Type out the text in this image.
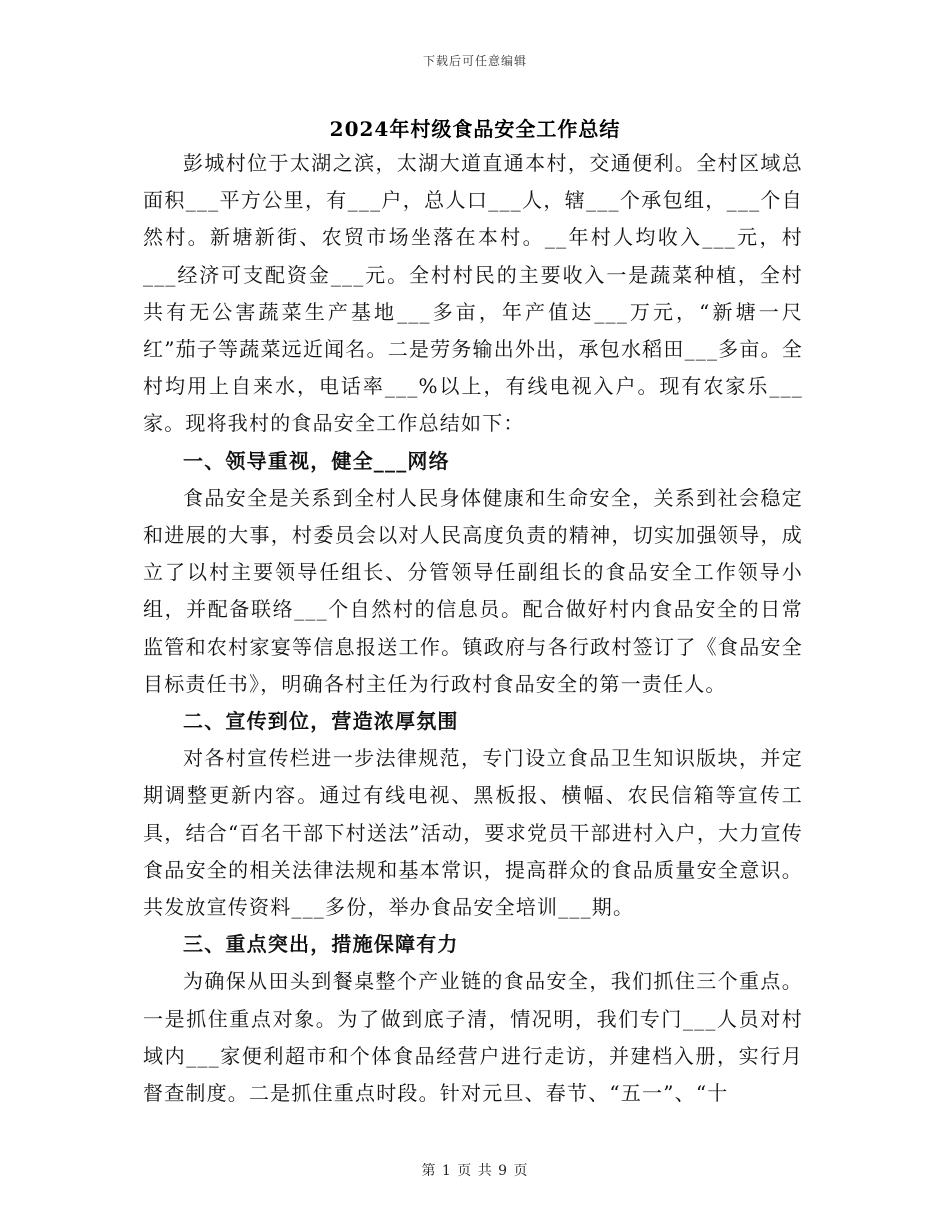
下载后可任意编辑
2024年村级食品安全工作总结

彭城村位于太湖之滨，太湖大道直通本村，交通便利。全村区域总面积___平方公里，有___户，总人口___人，辖___个承包组，___个自然村。新塘新街、农贸市场坐落在本村。__年村人均收入___元，村___经济可支配资金___元。全村村民的主要收入一是蔬菜种植，全村共有无公害蔬菜生产基地___多亩，年产值达___万元，“新塘一尺红”茄子等蔬菜远近闻名。二是劳务输出外出，承包水稻田___多亩。全村均用上自来水，电话率___%以上，有线电视入户。现有农家乐___家。现将我村的食品安全工作总结如下：

一、领导重视，健全___网络

食品安全是关系到全村人民身体健康和生命安全，关系到社会稳定和进展的大事，村委员会以对人民高度负责的精神，切实加强领导，成立了以村主要领导任组长、分管领导任副组长的食品安全工作领导小组，并配备联络___个自然村的信息员。配合做好村内食品安全的日常监管和农村家宴等信息报送工作。镇政府与各行政村签订了《食品安全目标责任书》，明确各村主任为行政村食品安全的第一责任人。

二、宣传到位，营造浓厚氛围

对各村宣传栏进一步法律规范，专门设立食品卫生知识版块，并定期调整更新内容。通过有线电视、黑板报、横幅、农民信箱等宣传工具，结合“百名干部下村送法”活动，要求党员干部进村入户，大力宣传食品安全的相关法律法规和基本常识，提高群众的食品质量安全意识。共发放宣传资料___多份，举办食品安全培训___期。

三、重点突出，措施保障有力

为确保从田头到餐桌整个产业链的食品安全，我们抓住三个重点。一是抓住重点对象。为了做到底子清，情况明，我们专门___人员对村域内___家便利超市和个体食品经营户进行走访，并建档入册，实行月督查制度。二是抓住重点时段。针对元旦、春节、“五一”、“十

第 1 页 共 9 页
